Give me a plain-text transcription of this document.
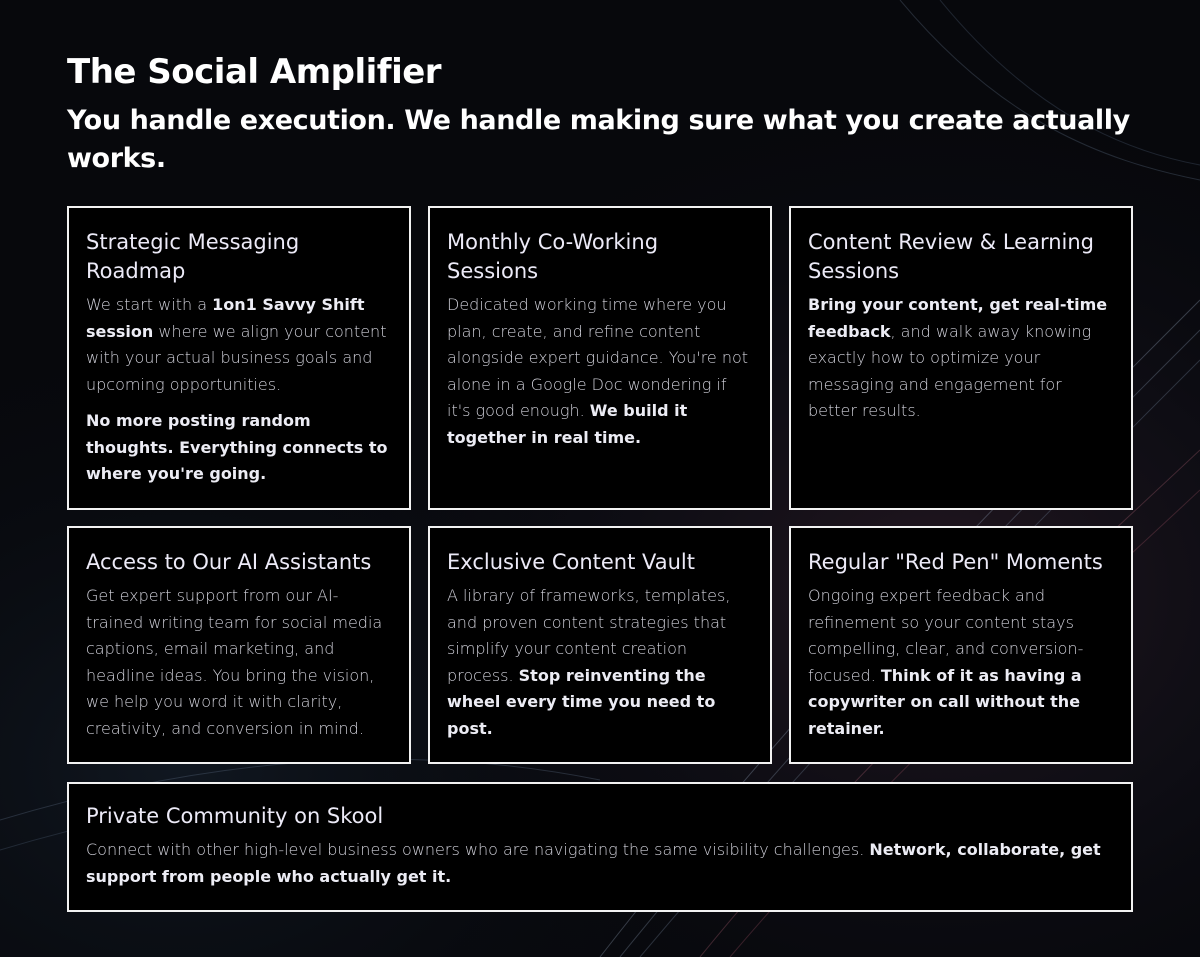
The Social Amplifier
You handle execution. We handle making sure what you create actually works.
Strategic Messaging Roadmap

We start with a 1on1 Savvy Shift session where we align your content with your actual business goals and upcoming opportunities.

No more posting random thoughts. Everything connects to where you're going.

Monthly Co-Working Sessions

Dedicated working time where you plan, create, and refine content alongside expert guidance. You're not alone in a Google Doc wondering if it's good enough. We build it together in real time.

Content Review & Learning Sessions

Bring your content, get real-time feedback, and walk away knowing exactly how to optimize your messaging and engagement for better results.

Access to Our AI Assistants

Get expert support from our AI-trained writing team for social media captions, email marketing, and headline ideas. You bring the vision, we help you word it with clarity, creativity, and conversion in mind.

Exclusive Content Vault

A library of frameworks, templates, and proven content strategies that simplify your content creation process. Stop reinventing the wheel every time you need to post.

Regular "Red Pen" Moments

Ongoing expert feedback and refinement so your content stays compelling, clear, and conversion-focused. Think of it as having a copywriter on call without the retainer.

Private Community on Skool

Connect with other high-level business owners who are navigating the same visibility challenges. Network, collaborate, get support from people who actually get it.
